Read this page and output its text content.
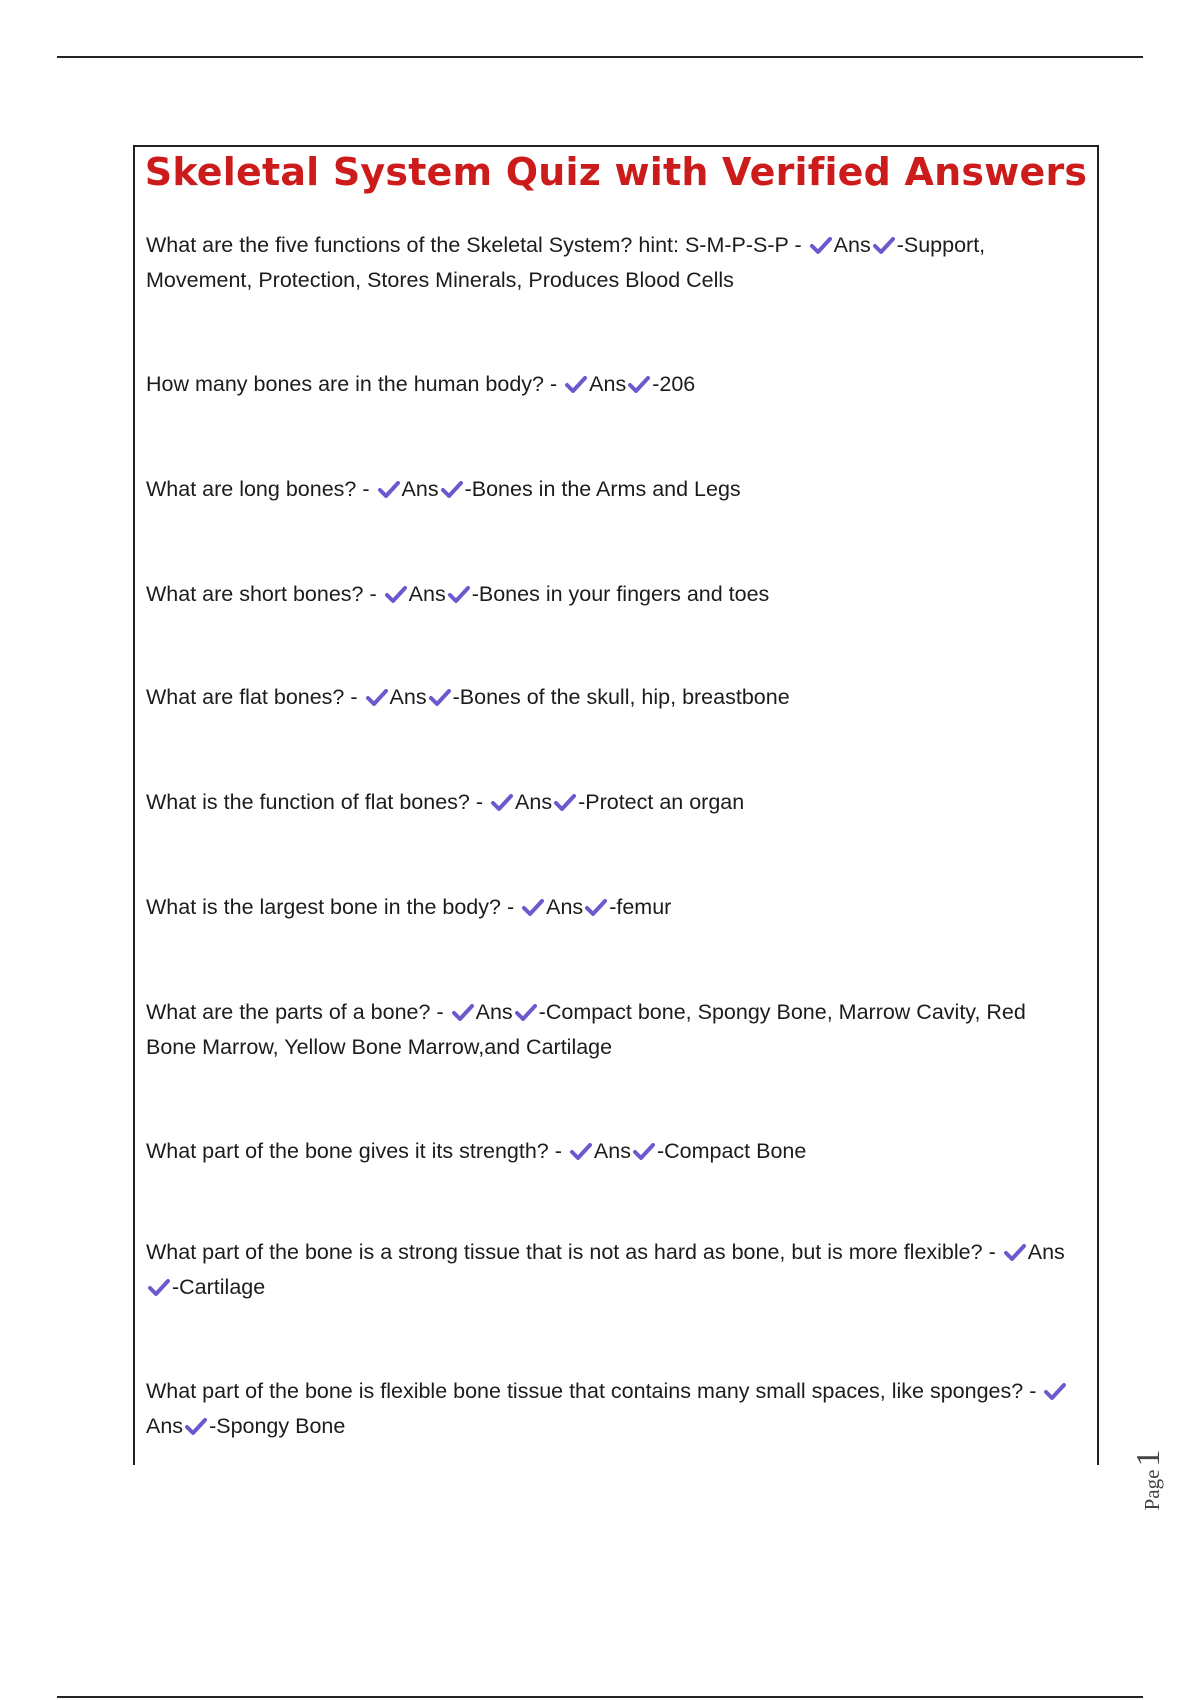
Skeletal System Quiz with Verified Answers
What are the five functions of the Skeletal System? hint: S-M-P-S-P - Ans -Support, Movement, Protection, Stores Minerals, Produces Blood Cells
How many bones are in the human body? - Ans -206
What are long bones? - Ans -Bones in the Arms and Legs
What are short bones? - Ans -Bones in your fingers and toes
What are flat bones? - Ans -Bones of the skull, hip, breastbone
What is the function of flat bones? - Ans -Protect an organ
What is the largest bone in the body? - Ans -femur
What are the parts of a bone? - Ans -Compact bone, Spongy Bone, Marrow Cavity, Red Bone Marrow, Yellow Bone Marrow,and Cartilage
What part of the bone gives it its strength? - Ans -Compact Bone
What part of the bone is a strong tissue that is not as hard as bone, but is more flexible? - Ans
-Cartilage
What part of the bone is flexible bone tissue that contains many small spaces, like sponges? -
Ans -Spongy Bone
Page
1
